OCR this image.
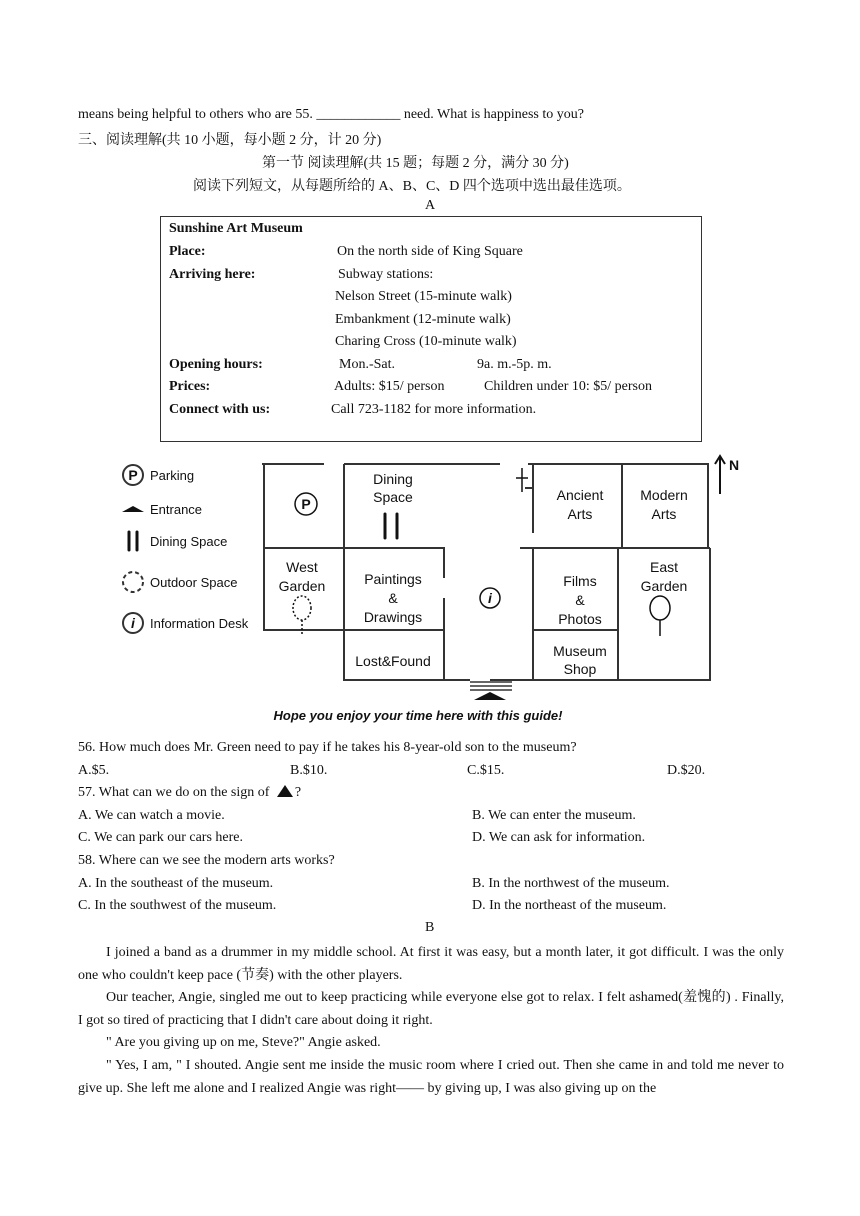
means being helpful to others who are 55. ____________ need. What is happiness to you?
三、阅读理解(共 10 小题，每小题 2 分，计 20 分)
第一节 阅读理解(共 15 题；每题 2 分，满分 30 分)
阅读下列短文，从每题所给的 A、B、C、D 四个选项中选出最佳选项。
A
Sunshine Art Museum
Place:	On the north side of King Square
Arriving here:	Subway stations:
Nelson Street (15-minute walk)
Embankment (12-minute walk)
Charing Cross (10-minute walk)
Opening hours:	Mon.-Sat.	9a. m.-5p. m.
Prices:	Adults: $15/ person	Children under 10: $5/ person
Connect with us:	Call 723-1182 for more information.
P
i
P
i
N
Parking
Entrance
Dining Space
Outdoor Space
Information Desk
Dining
Space	Ancient
Arts
Modern
Arts
West
Garden	Paintings
&
Drawings
Films
&
Photos
East
Garden
Lost&Found
Museum
Shop
Hope you enjoy your time here with this guide!
56. How much does Mr. Green need to pay if he takes his 8-year-old son to the museum?
A.$5.	B.$10.	C.$15.	D.$20.
57. What can we do on the sign of ?
A. We can watch a movie.	B. We can enter the museum.
C. We can park our cars here.	D. We can ask for information.
58. Where can we see the modern arts works?
A. In the southeast of the museum.	B. In the northwest of the museum.
C. In the southwest of the museum.	D. In the northeast of the museum.
B

I joined a band as a drummer in my middle school. At first it was easy, but a month later, it got difficult. I was the only one who couldn't keep pace (节奏) with the other players.

Our teacher, Angie, singled me out to keep practicing while everyone else got to relax. I felt ashamed(羞愧的) . Finally, I got so tired of practicing that I didn't care about doing it right.

" Are you giving up on me, Steve?" Angie asked.

" Yes, I am, " I shouted. Angie sent me inside the music room where I cried out. Then she came in and told me never to give up. She left me alone and I realized Angie was right—— by giving up, I was also giving up on the
